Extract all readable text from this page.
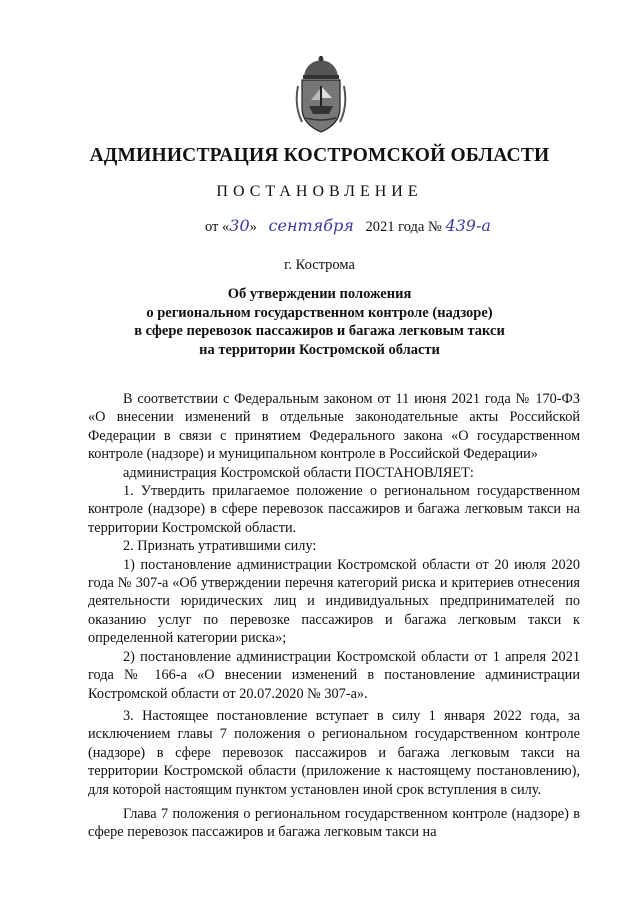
АДМИНИСТРАЦИЯ КОСТРОМСКОЙ ОБЛАСТИ
ПОСТАНОВЛЕНИЕ
от «30» сентября 2021 года № 439-а
г. Кострома
Об утверждении положения
о региональном государственном контроле (надзоре)
в сфере перевозок пассажиров и багажа легковым такси
на территории Костромской области

В соответствии с Федеральным законом от 11 июня 2021 года № 170-ФЗ «О внесении изменений в отдельные законодательные акты Российской Федерации в связи с принятием Федерального закона «О государственном контроле (надзоре) и муниципальном контроле в Российской Федерации»

администрация Костромской области ПОСТАНОВЛЯЕТ:

1. Утвердить прилагаемое положение о региональном государственном контроле (надзоре) в сфере перевозок пассажиров и багажа легковым такси на территории Костромской области.

2. Признать утратившими силу:

1) постановление администрации Костромской области от 20 июля 2020 года № 307-а «Об утверждении перечня категорий риска и критериев отнесения деятельности юридических лиц и индивидуальных предпринимателей по оказанию услуг по перевозке пассажиров и багажа легковым такси к определенной категории риска»;

2) постановление администрации Костромской области от 1 апреля 2021 года № 166-а «О внесении изменений в постановление администрации Костромской области от 20.07.2020 № 307-а».

3. Настоящее постановление вступает в силу 1 января 2022 года, за исключением главы 7 положения о региональном государственном контроле (надзоре) в сфере перевозок пассажиров и багажа легковым такси на территории Костромской области (приложение к настоящему постановлению), для которой настоящим пунктом установлен иной срок вступления в силу.

Глава 7 положения о региональном государственном контроле (надзоре) в сфере перевозок пассажиров и багажа легковым такси на
